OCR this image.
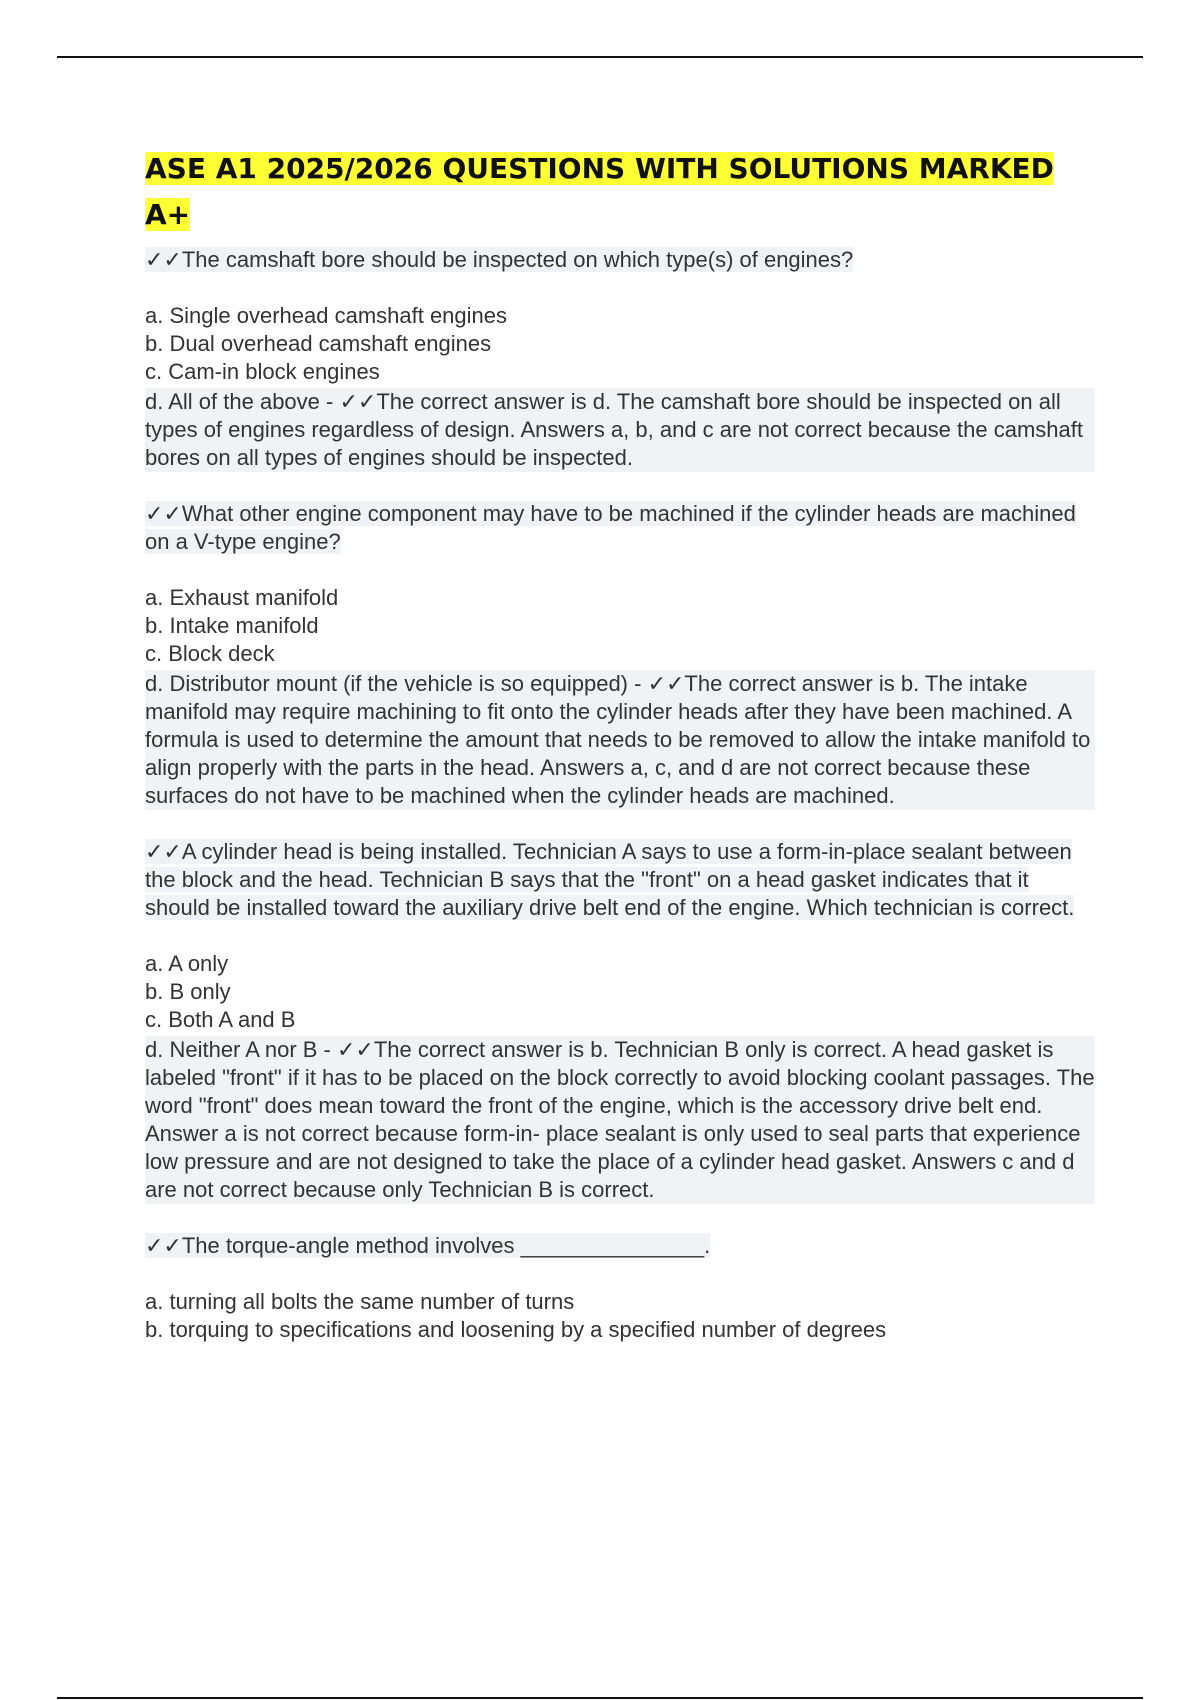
ASE A1 2025/2026 QUESTIONS WITH SOLUTIONS MARKED
A+
✓✓The camshaft bore should be inspected on which type(s) of engines?
a. Single overhead camshaft engines
b. Dual overhead camshaft engines
c. Cam-in block engines
d. All of the above - ✓✓The correct answer is d. The camshaft bore should be inspected on all types of engines regardless of design. Answers a, b, and c are not correct because the camshaft bores on all types of engines should be inspected.
✓✓What other engine component may have to be machined if the cylinder heads are machined on a V-type engine?
a. Exhaust manifold
b. Intake manifold
c. Block deck
d. Distributor mount (if the vehicle is so equipped) - ✓✓The correct answer is b. The intake manifold may require machining to fit onto the cylinder heads after they have been machined. A formula is used to determine the amount that needs to be removed to allow the intake manifold to align properly with the parts in the head. Answers a, c, and d are not correct because these surfaces do not have to be machined when the cylinder heads are machined.
✓✓A cylinder head is being installed. Technician A says to use a form-in-place sealant between the block and the head. Technician B says that the "front" on a head gasket indicates that it should be installed toward the auxiliary drive belt end of the engine. Which technician is correct.
a. A only
b. B only
c. Both A and B
d. Neither A nor B - ✓✓The correct answer is b. Technician B only is correct. A head gasket is labeled "front" if it has to be placed on the block correctly to avoid blocking coolant passages. The word "front" does mean toward the front of the engine, which is the accessory drive belt end. Answer a is not correct because form-in- place sealant is only used to seal parts that experience low pressure and are not designed to take the place of a cylinder head gasket. Answers c and d are not correct because only Technician B is correct.
✓✓The torque-angle method involves _______________.
a. turning all bolts the same number of turns
b. torquing to specifications and loosening by a specified number of degrees
